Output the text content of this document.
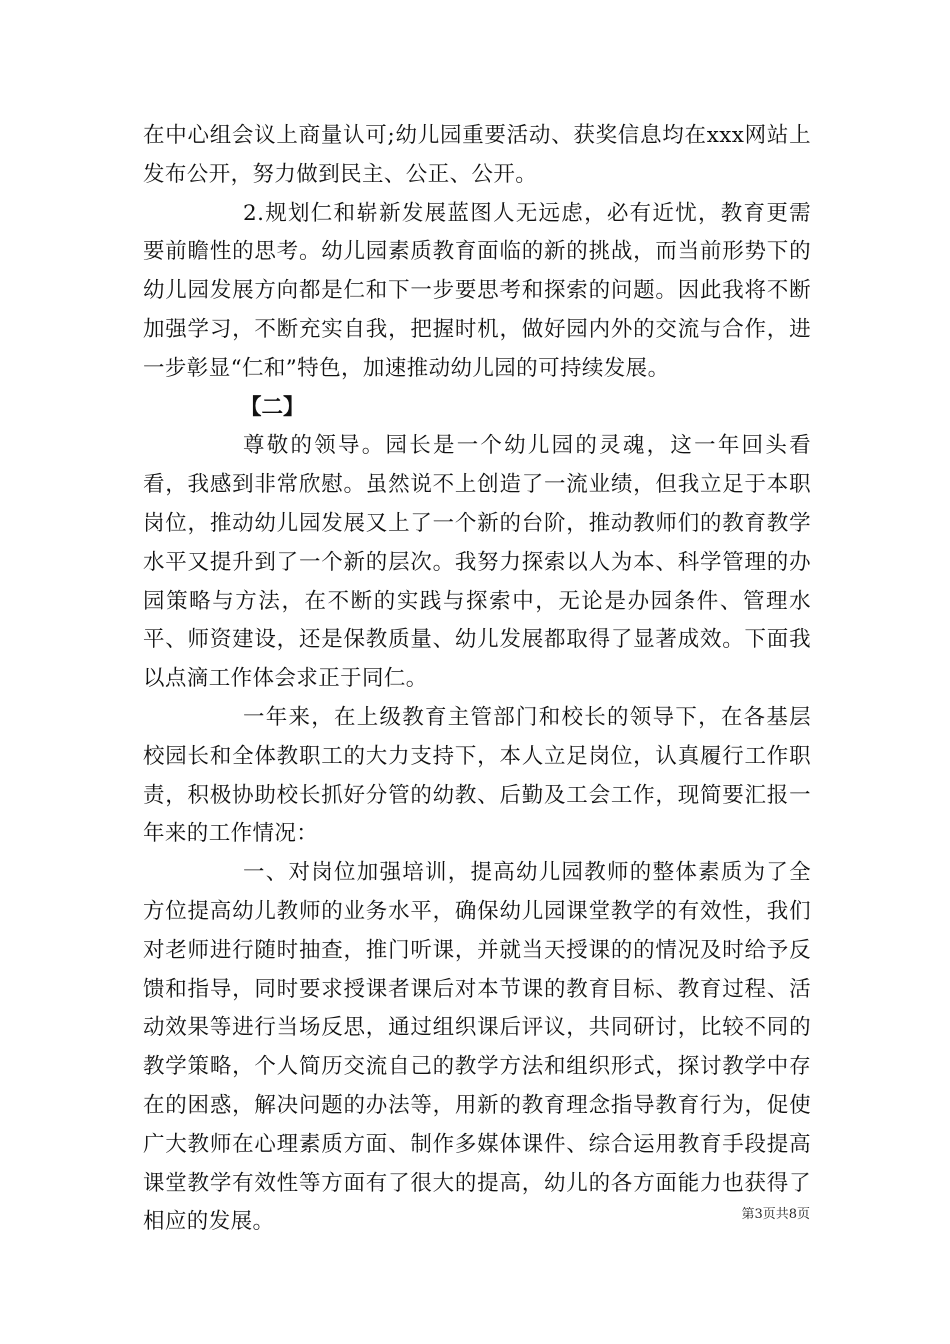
在中心组会议上商量认可;幼儿园重要活动、获奖信息均在xxx网站上发布公开，努力做到民主、公正、公开。

2.规划仁和崭新发展蓝图人无远虑，必有近忧，教育更需要前瞻性的思考。幼儿园素质教育面临的新的挑战，而当前形势下的幼儿园发展方向都是仁和下一步要思考和探索的问题。因此我将不断加强学习，不断充实自我，把握时机，做好园内外的交流与合作，进一步彰显“仁和”特色，加速推动幼儿园的可持续发展。

【二】

尊敬的领导。园长是一个幼儿园的灵魂，这一年回头看看，我感到非常欣慰。虽然说不上创造了一流业绩，但我立足于本职岗位，推动幼儿园发展又上了一个新的台阶，推动教师们的教育教学水平又提升到了一个新的层次。我努力探索以人为本、科学管理的办园策略与方法，在不断的实践与探索中，无论是办园条件、管理水平、师资建设，还是保教质量、幼儿发展都取得了显著成效。下面我以点滴工作体会求正于同仁。

一年来，在上级教育主管部门和校长的领导下，在各基层校园长和全体教职工的大力支持下，本人立足岗位，认真履行工作职责，积极协助校长抓好分管的幼教、后勤及工会工作，现简要汇报一年来的工作情况：

一、对岗位加强培训，提高幼儿园教师的整体素质为了全方位提高幼儿教师的业务水平，确保幼儿园课堂教学的有效性，我们对老师进行随时抽查，推门听课，并就当天授课的的情况及时给予反馈和指导，同时要求授课者课后对本节课的教育目标、教育过程、活动效果等进行当场反思，通过组织课后评议，共同研讨，比较不同的教学策略，个人简历交流自己的教学方法和组织形式，探讨教学中存在的困惑，解决问题的办法等，用新的教育理念指导教育行为，促使广大教师在心理素质方面、制作多媒体课件、综合运用教育手段提高课堂教学有效性等方面有了很大的提高，幼儿的各方面能力也获得了相应的发展。	第3页共8页
